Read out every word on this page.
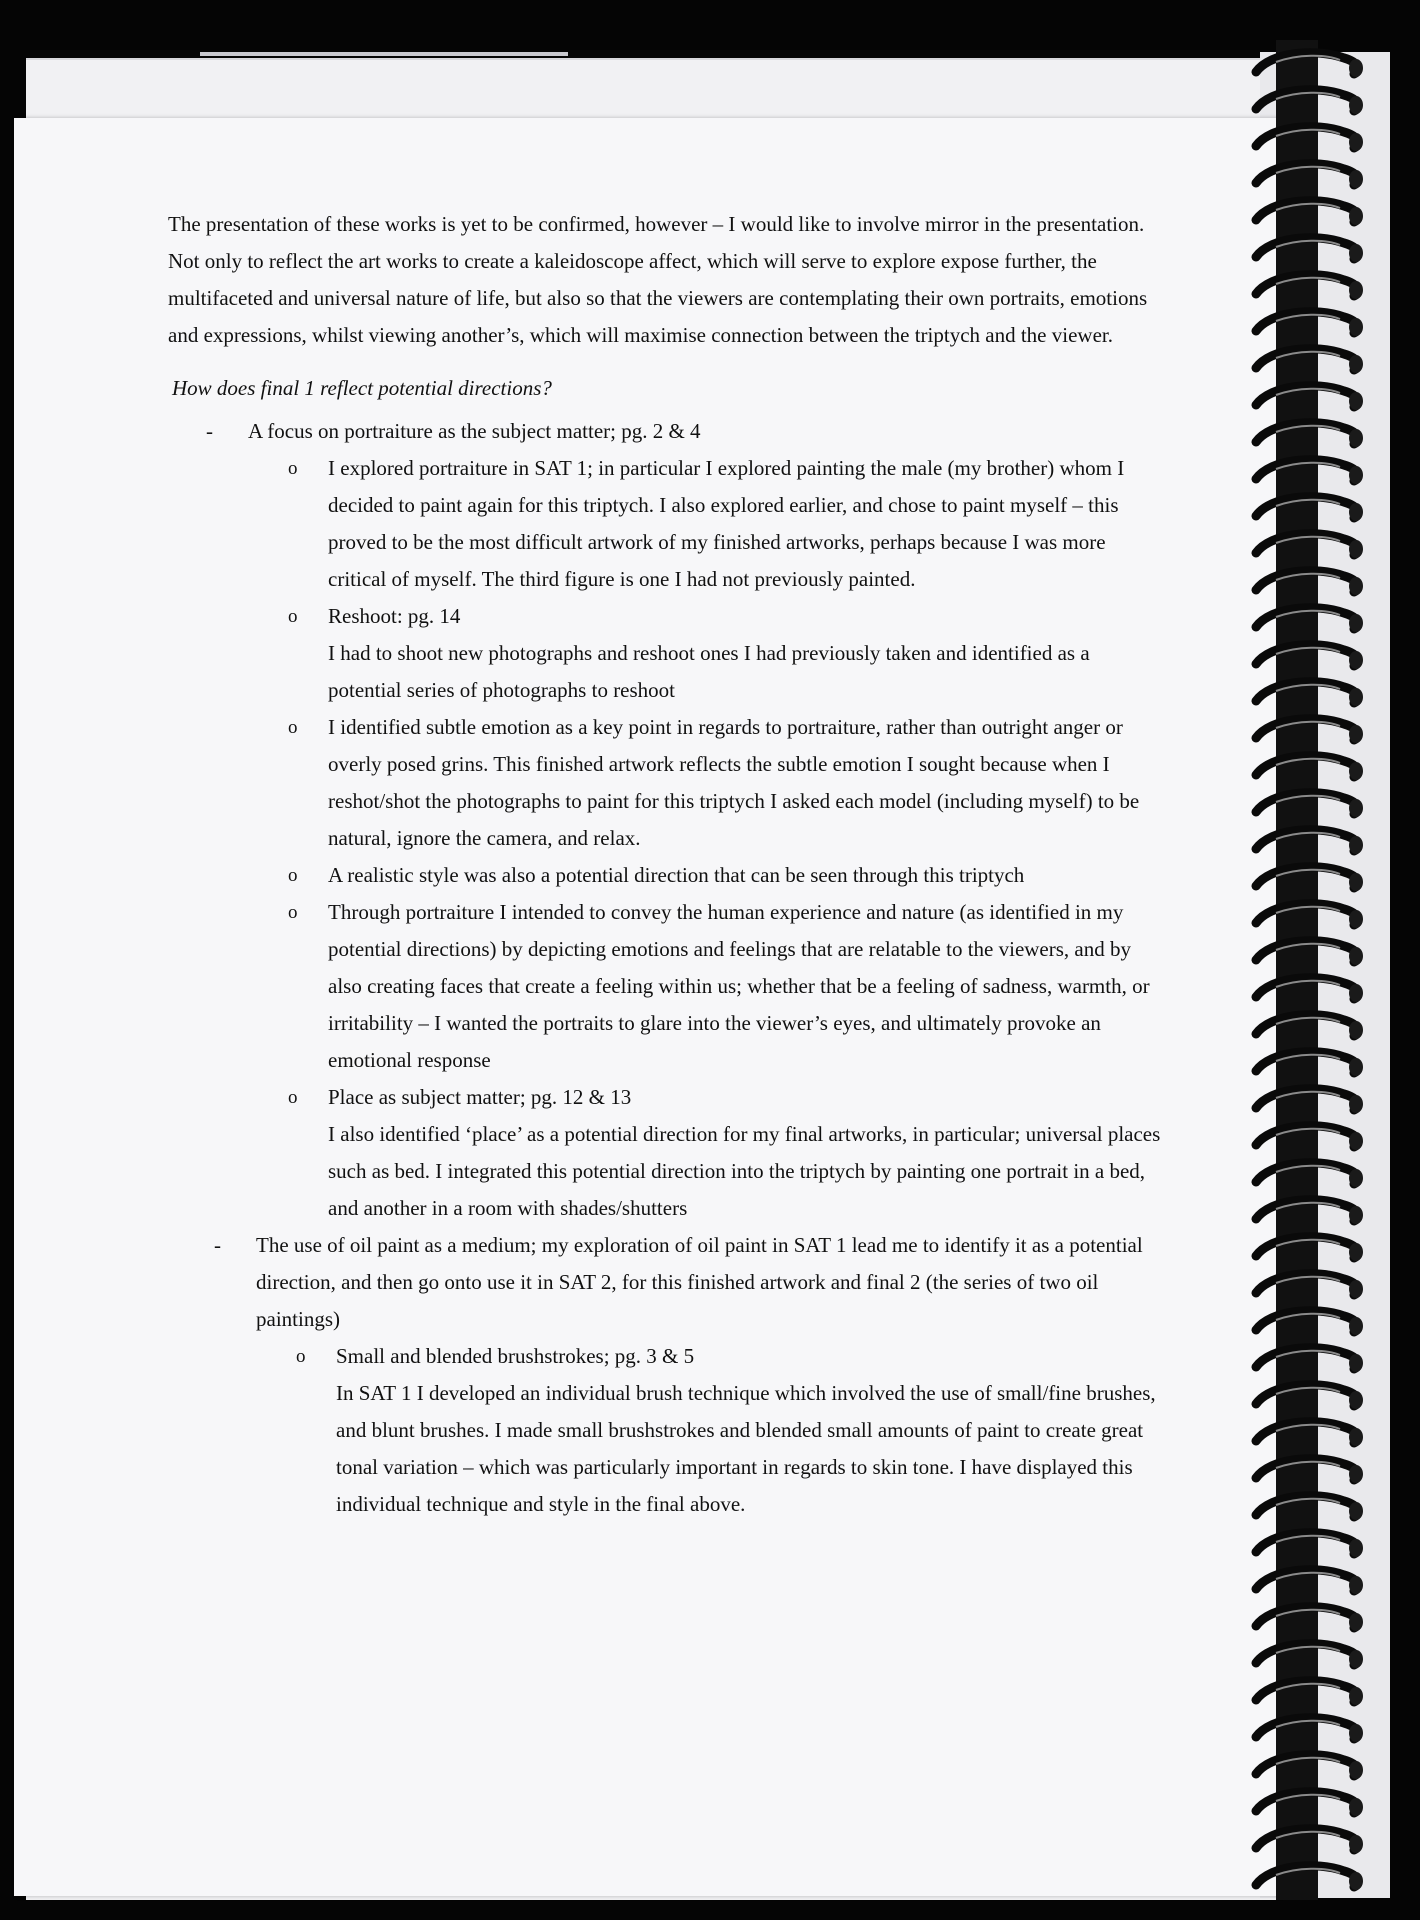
The presentation of these works is yet to be confirmed, however – I would like to involve mirror in the presentation. Not only to reflect the art works to create a kaleidoscope affect, which will serve to explore expose further, the multifaceted and universal nature of life, but also so that the viewers are contemplating their own portraits, emotions and expressions, whilst viewing another’s, which will maximise connection between the triptych and the viewer.

How does final 1 reflect potential directions?

- A focus on portraiture as the subject matter; pg. 2 & 4
o I explored portraiture in SAT 1; in particular I explored painting the male (my brother) whom I decided to paint again for this triptych. I also explored earlier, and chose to paint myself – this proved to be the most difficult artwork of my finished artworks, perhaps because I was more critical of myself. The third figure is one I had not previously painted.
o Reshoot: pg. 14
I had to shoot new photographs and reshoot ones I had previously taken and identified as a potential series of photographs to reshoot
o I identified subtle emotion as a key point in regards to portraiture, rather than outright anger or overly posed grins. This finished artwork reflects the subtle emotion I sought because when I reshot/shot the photographs to paint for this triptych I asked each model (including myself) to be natural, ignore the camera, and relax.
o A realistic style was also a potential direction that can be seen through this triptych
o Through portraiture I intended to convey the human experience and nature (as identified in my potential directions) by depicting emotions and feelings that are relatable to the viewers, and by also creating faces that create a feeling within us; whether that be a feeling of sadness, warmth, or irritability – I wanted the portraits to glare into the viewer’s eyes, and ultimately provoke an emotional response
o Place as subject matter; pg. 12 & 13
I also identified ‘place’ as a potential direction for my final artworks, in particular; universal places such as bed. I integrated this potential direction into the triptych by painting one portrait in a bed, and another in a room with shades/shutters
- The use of oil paint as a medium; my exploration of oil paint in SAT 1 lead me to identify it as a potential direction, and then go onto use it in SAT 2, for this finished artwork and final 2 (the series of two oil paintings)
o Small and blended brushstrokes; pg. 3 & 5
In SAT 1 I developed an individual brush technique which involved the use of small/fine brushes, and blunt brushes. I made small brushstrokes and blended small amounts of paint to create great tonal variation – which was particularly important in regards to skin tone. I have displayed this individual technique and style in the final above.
